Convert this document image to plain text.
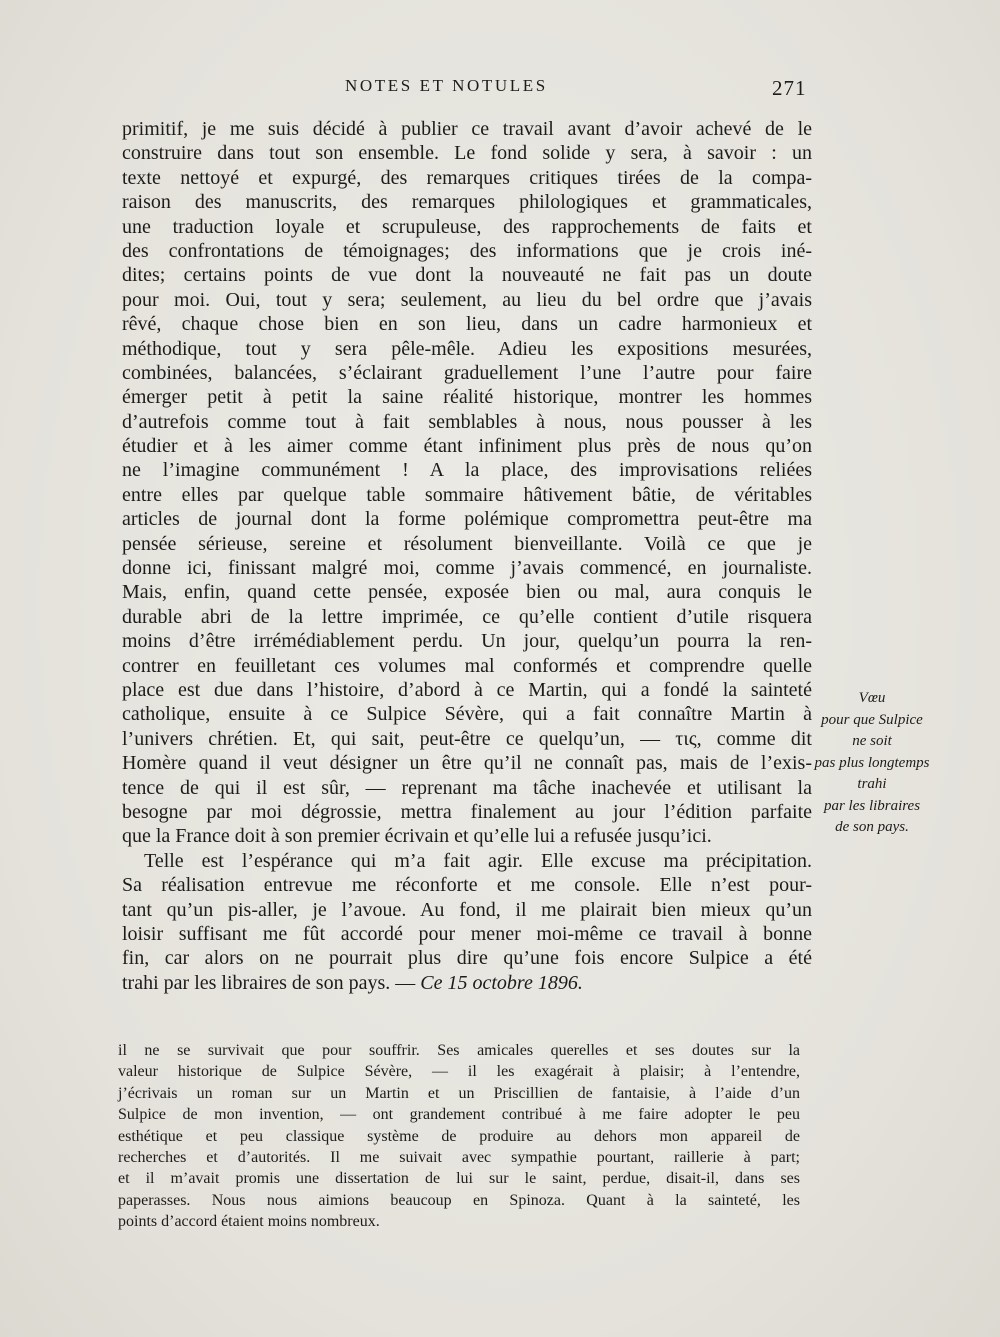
NOTES ET NOTULES	271
primitif, je me suis décidé à publier ce travail avant d’avoir achevé de le
construire dans tout son ensemble. Le fond solide y sera, à savoir : un
texte nettoyé et expurgé, des remarques critiques tirées de la compa-
raison des manuscrits, des remarques philologiques et grammaticales,
une traduction loyale et scrupuleuse, des rapprochements de faits et
des confrontations de témoignages; des informations que je crois iné-
dites; certains points de vue dont la nouveauté ne fait pas un doute
pour moi. Oui, tout y sera; seulement, au lieu du bel ordre que j’avais
rêvé, chaque chose bien en son lieu, dans un cadre harmonieux et
méthodique, tout y sera pêle-mêle. Adieu les expositions mesurées,
combinées, balancées, s’éclairant graduellement l’une l’autre pour faire
émerger petit à petit la saine réalité historique, montrer les hommes
d’autrefois comme tout à fait semblables à nous, nous pousser à les
étudier et à les aimer comme étant infiniment plus près de nous qu’on
ne l’imagine communément ! A la place, des improvisations reliées
entre elles par quelque table sommaire hâtivement bâtie, de véritables
articles de journal dont la forme polémique compromettra peut-être ma
pensée sérieuse, sereine et résolument bienveillante. Voilà ce que je
donne ici, finissant malgré moi, comme j’avais commencé, en journaliste.
Mais, enfin, quand cette pensée, exposée bien ou mal, aura conquis le
durable abri de la lettre imprimée, ce qu’elle contient d’utile risquera
moins d’être irrémédiablement perdu. Un jour, quelqu’un pourra la ren-
contrer en feuilletant ces volumes mal conformés et comprendre quelle
place est due dans l’histoire, d’abord à ce Martin, qui a fondé la sainteté
catholique, ensuite à ce Sulpice Sévère, qui a fait connaître Martin à
l’univers chrétien. Et, qui sait, peut-être ce quelqu’un, — τις, comme dit
Homère quand il veut désigner un être qu’il ne connaît pas, mais de l’exis-
tence de qui il est sûr, — reprenant ma tâche inachevée et utilisant la
besogne par moi dégrossie, mettra finalement au jour l’édition parfaite
que la France doit à son premier écrivain et qu’elle lui a refusée jusqu’ici.
Telle est l’espérance qui m’a fait agir. Elle excuse ma précipitation.
Sa réalisation entrevue me réconforte et me console. Elle n’est pour-
tant qu’un pis-aller, je l’avoue. Au fond, il me plairait bien mieux qu’un
loisir suffisant me fût accordé pour mener moi-même ce travail à bonne
fin, car alors on ne pourrait plus dire qu’une fois encore Sulpice a été
trahi par les libraires de son pays. — Ce 15 octobre 1896.
Vœu
pour que Sulpice
ne soit
pas plus longtemps
trahi
par les libraires
de son pays.
il ne se survivait que pour souffrir. Ses amicales querelles et ses doutes sur la
valeur historique de Sulpice Sévère, — il les exagérait à plaisir; à l’entendre,
j’écrivais un roman sur un Martin et un Priscillien de fantaisie, à l’aide d’un
Sulpice de mon invention, — ont grandement contribué à me faire adopter le peu
esthétique et peu classique système de produire au dehors mon appareil de
recherches et d’autorités. Il me suivait avec sympathie pourtant, raillerie à part;
et il m’avait promis une dissertation de lui sur le saint, perdue, disait-il, dans ses
paperasses. Nous nous aimions beaucoup en Spinoza. Quant à la sainteté, les
points d’accord étaient moins nombreux.
